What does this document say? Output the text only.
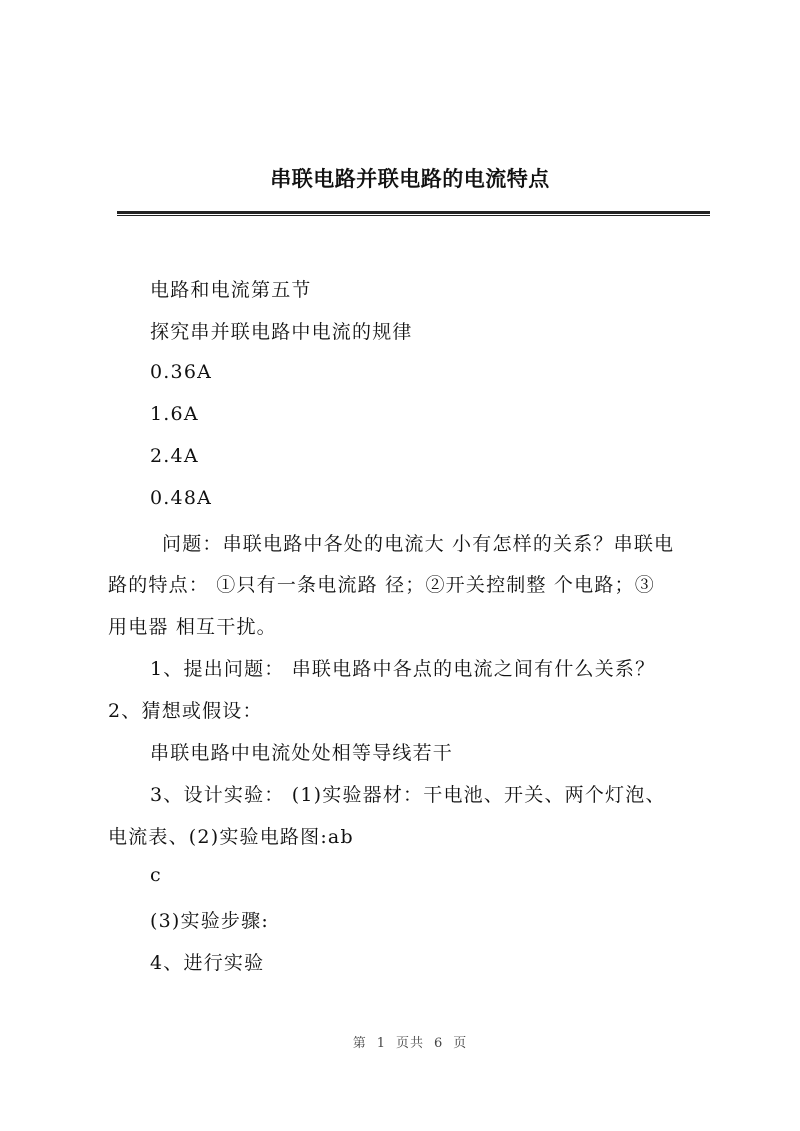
串联电路并联电路的电流特点
电路和电流第五节
探究串并联电路中电流的规律
0.36A
1.6A
2.4A
0.48A
问题：串联电路中各处的电流大 小有怎样的关系？串联电
路的特点： ①只有一条电流路 径；②开关控制整 个电路；③
用电器 相互干扰。
1、提出问题： 串联电路中各点的电流之间有什么关系？
2、猜想或假设：
串联电路中电流处处相等导线若干
3、设计实验： (1)实验器材：干电池、开关、两个灯泡、
电流表、(2)实验电路图:ab
c
(3)实验步骤:
4、进行实验
第 1 页共 6 页
